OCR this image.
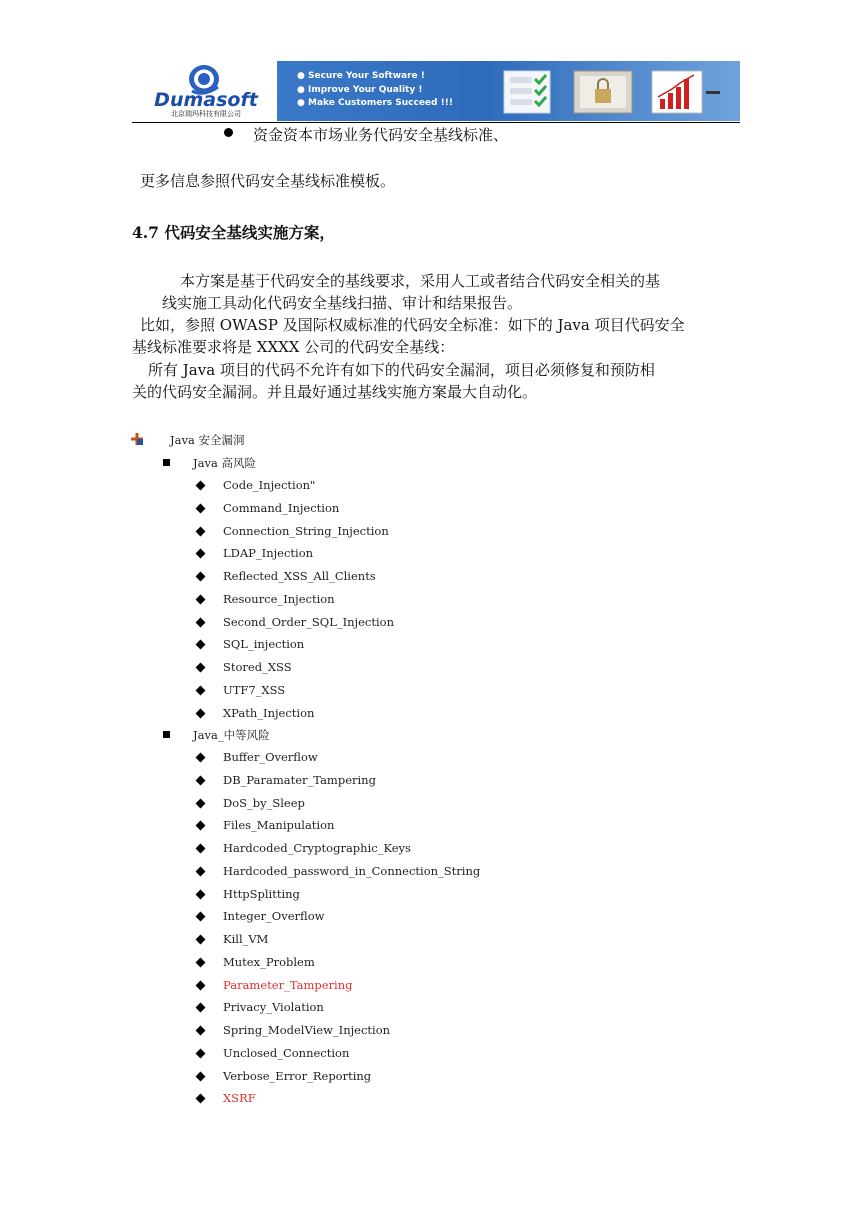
Dumasoft
北京瑞玛科技有限公司
● Secure Your Software !
● Improve Your Quality !
● Make Customers Succeed !!!
资金资本市场业务代码安全基线标准、
更多信息参照代码安全基线标准模板。
4.7 代码安全基线实施方案，
本方案是基于代码安全的基线要求，采用人工或者结合代码安全相关的基
线实施工具动化代码安全基线扫描、审计和结果报告。
比如，参照 OWASP 及国际权威标准的代码安全标准：如下的 Java 项目代码安全
基线标准要求将是 XXXX 公司的代码安全基线：
所有 Java 项目的代码不允许有如下的代码安全漏洞，项目必须修复和预防相
关的代码安全漏洞。并且最好通过基线实施方案最大自动化。
Java 安全漏洞
Java 高风险
Code_Injection"
Command_Injection
Connection_String_Injection
LDAP_Injection
Reflected_XSS_All_Clients
Resource_Injection
Second_Order_SQL_Injection
SQL_injection
Stored_XSS
UTF7_XSS
XPath_Injection
Java_中等风险
Buffer_Overflow
DB_Paramater_Tampering
DoS_by_Sleep
Files_Manipulation
Hardcoded_Cryptographic_Keys
Hardcoded_password_in_Connection_String
HttpSplitting
Integer_Overflow
Kill_VM
Mutex_Problem
Parameter_Tampering
Privacy_Violation
Spring_ModelView_Injection
Unclosed_Connection
Verbose_Error_Reporting
XSRF
